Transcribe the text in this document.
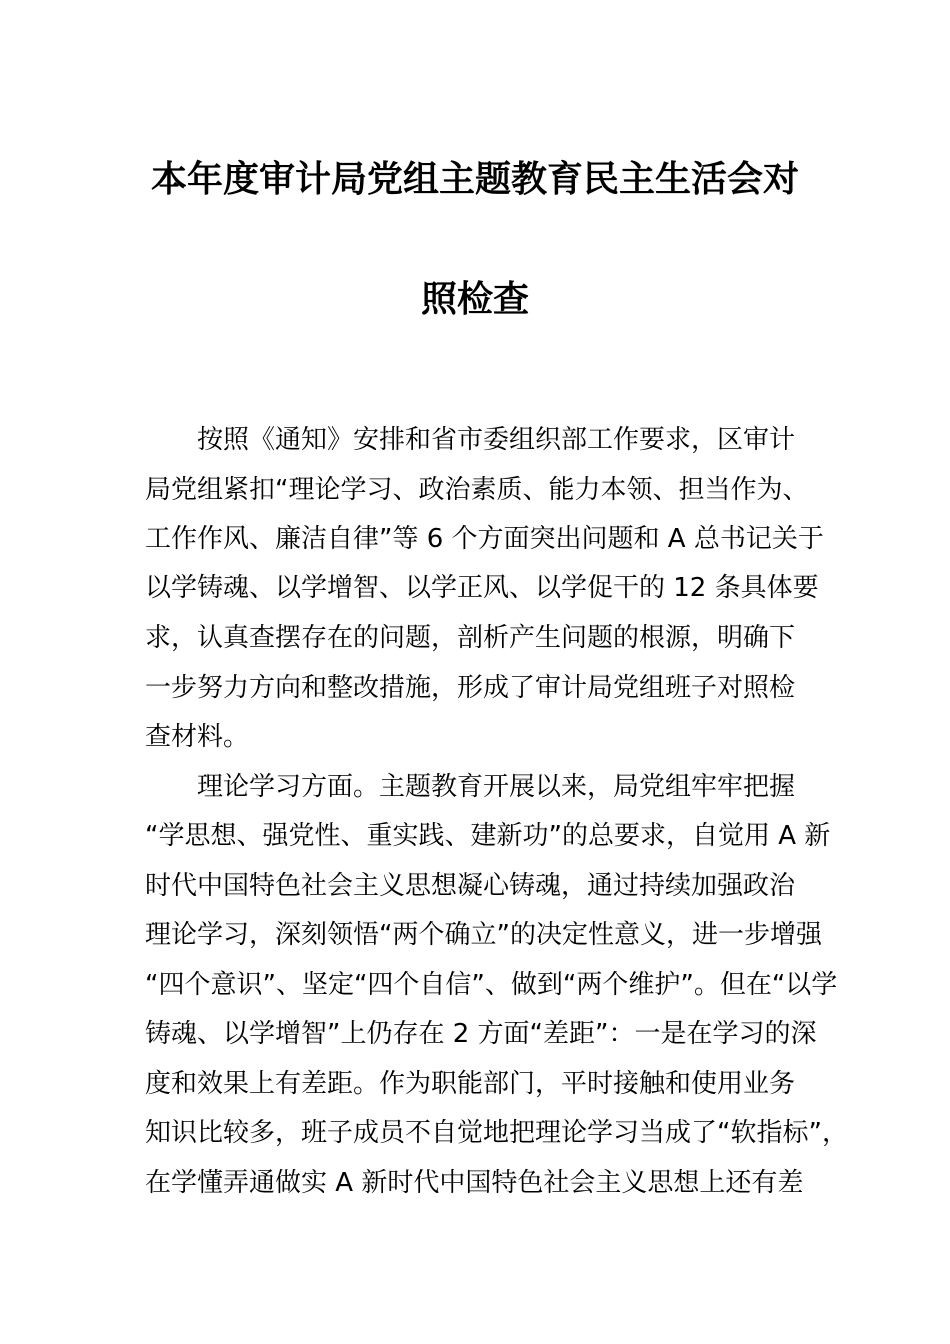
本年度审计局党组主题教育民主生活会对
照检查

按照《通知》安排和省市委组织部工作要求，区审计

局党组紧扣“理论学习、政治素质、能力本领、担当作为、

工作作风、廉洁自律”等 6 个方面突出问题和 A 总书记关于

以学铸魂、以学增智、以学正风、以学促干的 12 条具体要

求，认真查摆存在的问题，剖析产生问题的根源，明确下

一步努力方向和整改措施，形成了审计局党组班子对照检

查材料。

理论学习方面。主题教育开展以来，局党组牢牢把握

“学思想、强党性、重实践、建新功”的总要求，自觉用 A 新

时代中国特色社会主义思想凝心铸魂，通过持续加强政治

理论学习，深刻领悟“两个确立”的决定性意义，进一步增强

“四个意识”、坚定“四个自信”、做到“两个维护”。但在“以学

铸魂、以学增智”上仍存在 2 方面“差距”：一是在学习的深

度和效果上有差距。作为职能部门，平时接触和使用业务

知识比较多，班子成员不自觉地把理论学习当成了“软指标”，

在学懂弄通做实 A 新时代中国特色社会主义思想上还有差
